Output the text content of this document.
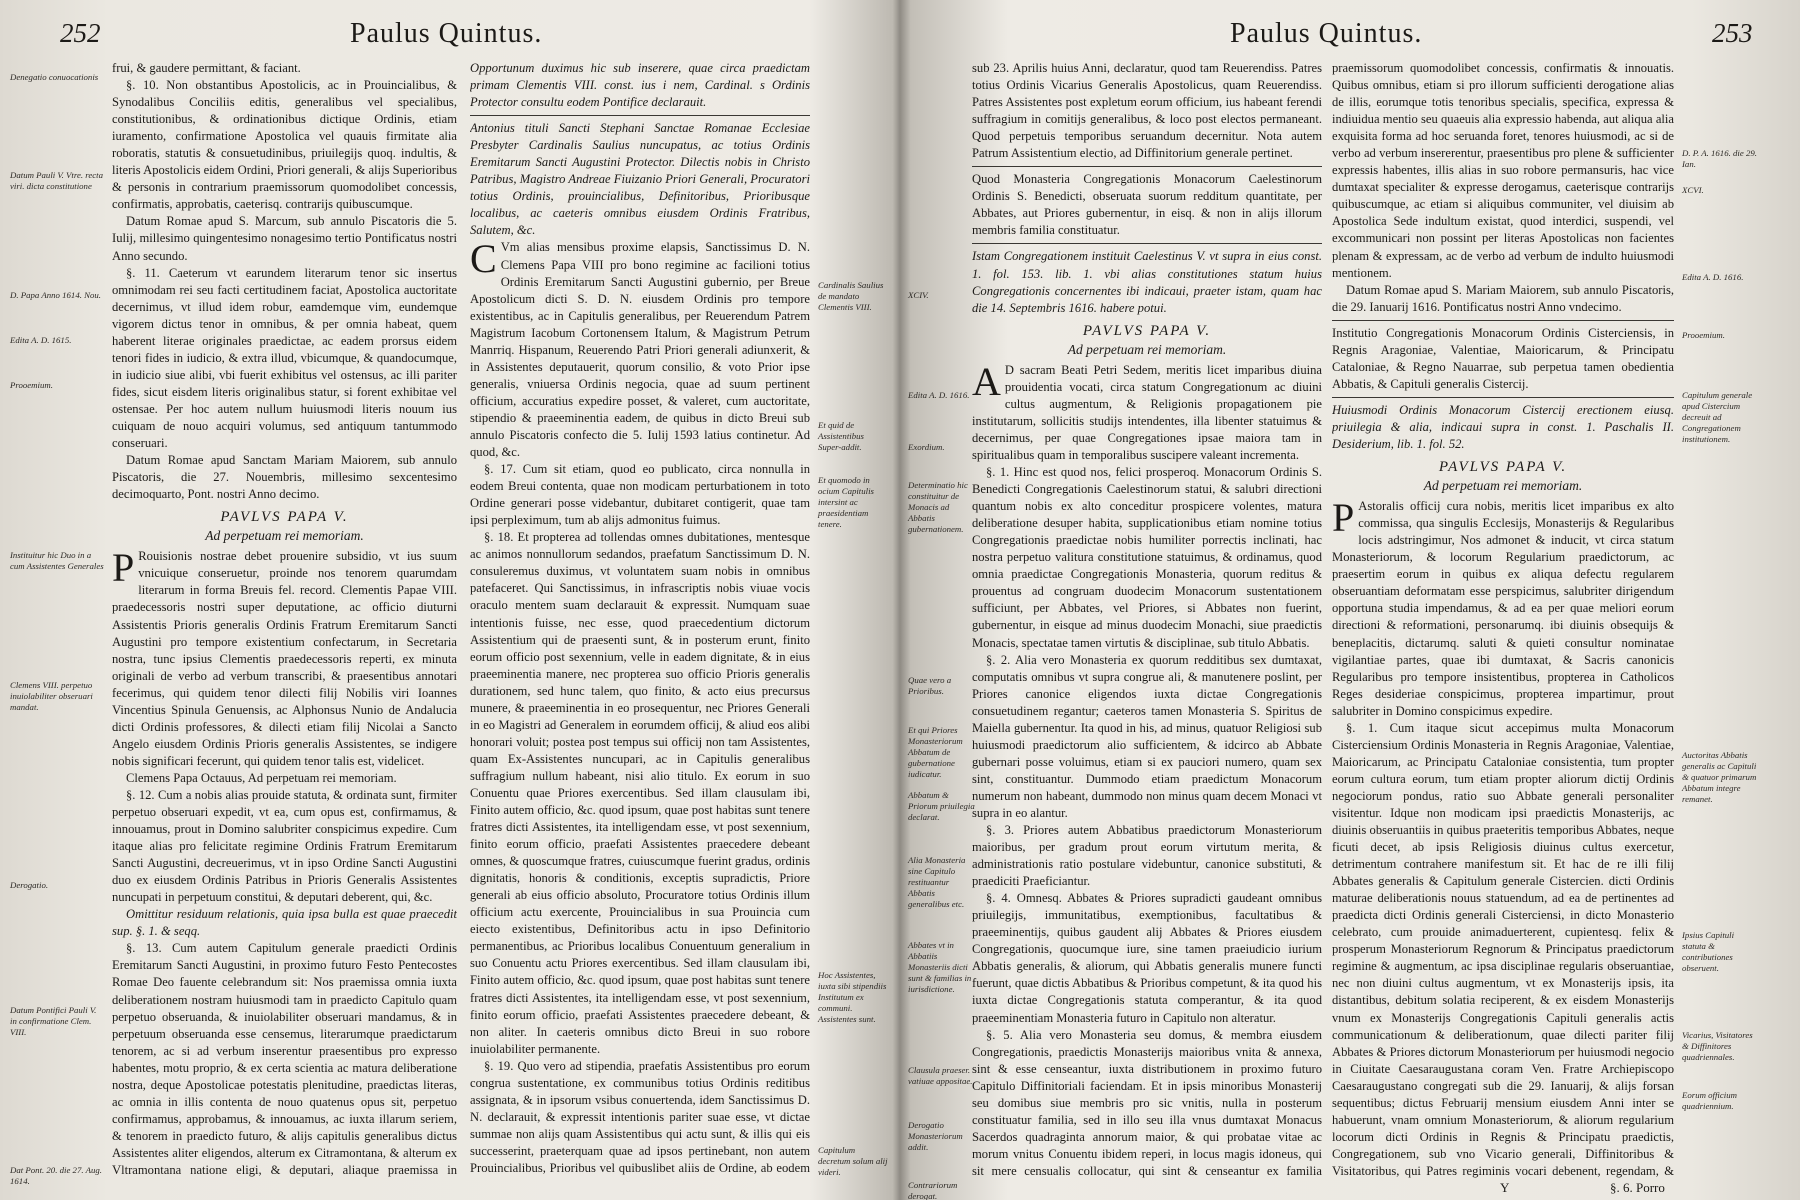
252	Paulus Quintus.
Denegatio conuocationis
Datum Pauli V. Vtre. recta viri. dicta constitutione
D. Papa Anno 1614. Nou.
Edita A. D. 1615.
Prooemium.
Instituitur hic Duo in a cum Assistentes Generales
Clemens VIII. perpetuo inuiolabiliter obseruari mandat.
Derogatio.
Datum Pontifici Pauli V. in confirmatione Clem. VIII.
Dat Pont. 20. die 27. Aug. 1614.

frui, & gaudere permittant, & faciant.

§. 10. Non obstantibus Apostolicis, ac in Prouincialibus, & Synodalibus Conciliis editis, generalibus vel specialibus, constitutionibus, & ordinationibus dictique Ordinis, etiam iuramento, confirmatione Apostolica vel quauis firmitate alia roboratis, statutis & consuetudinibus, priuilegijs quoq. indultis, & literis Apostolicis eidem Ordini, Priori generali, & alijs Superioribus & personis in contrarium praemissorum quomodolibet concessis, confirmatis, approbatis, caeterisq. contrarijs quibuscumque.

Datum Romae apud S. Marcum, sub annulo Piscatoris die 5. Iulij, millesimo quingentesimo nonagesimo tertio Pontificatus nostri Anno secundo.

§. 11. Caeterum vt earundem literarum tenor sic insertus omnimodam rei seu facti certitudinem faciat, Apostolica auctoritate decernimus, vt illud idem robur, eamdemque vim, eundemque vigorem dictus tenor in omnibus, & per omnia habeat, quem haberent literae originales praedictae, ac eadem prorsus eidem tenori fides in iudicio, & extra illud, vbicumque, & quandocumque, in iudicio siue alibi, vbi fuerit exhibitus vel ostensus, ac illi pariter fides, sicut eisdem literis originalibus statur, si forent exhibitae vel ostensae. Per hoc autem nullum huiusmodi literis nouum ius cuiquam de nouo acquiri volumus, sed antiquum tantummodo conseruari.

Datum Romae apud Sanctam Mariam Maiorem, sub annulo Piscatoris, die 27. Nouembris, millesimo sexcentesimo decimoquarto, Pont. nostri Anno decimo.

PAVLVS PAPA V.
Ad perpetuam rei memoriam.

P Rouisionis nostrae debet prouenire subsidio, vt ius suum vnicuique conseruetur, proinde nos tenorem quarumdam literarum in forma Breuis fel. record. Clementis Papae VIII. praedecessoris nostri super deputatione, ac officio diuturni Assistentis Prioris generalis Ordinis Fratrum Eremitarum Sancti Augustini pro tempore existentium confectarum, in Secretaria nostra, tunc ipsius Clementis praedecessoris reperti, ex minuta originali de verbo ad verbum transcribi, & praesentibus annotari fecerimus, qui quidem tenor dilecti filij Nobilis viri Ioannes Vincentius Spinula Genuensis, ac Alphonsus Nunio de Andalucia dicti Ordinis professores, & dilecti etiam filij Nicolai a Sancto Angelo eiusdem Ordinis Prioris generalis Assistentes, se indigere nobis significari fecerunt, qui quidem tenor talis est, videlicet.

Clemens Papa Octauus, Ad perpetuam rei memoriam.

§. 12. Cum a nobis alias prouide statuta, & ordinata sunt, firmiter perpetuo obseruari expedit, vt ea, cum opus est, confirmamus, & innouamus, prout in Domino salubriter conspicimus expedire. Cum itaque alias pro felicitate regimine Ordinis Fratrum Eremitarum Sancti Augustini, decreuerimus, vt in ipso Ordine Sancti Augustini duo ex eiusdem Ordinis Patribus in Prioris Generalis Assistentes nuncupati in perpetuum constitui, & deputari deberent, qui, &c.

Omittitur residuum relationis, quia ipsa bulla est quae praecedit sup. §. 1. & seqq.

§. 13. Cum autem Capitulum generale praedicti Ordinis Eremitarum Sancti Augustini, in proximo futuro Festo Pentecostes Romae Deo fauente celebrandum sit: Nos praemissa omnia iuxta deliberationem nostram huiusmodi tam in praedicto Capitulo quam perpetuo obseruanda, & inuiolabiliter obseruari mandamus, & in perpetuum obseruanda esse censemus, literarumque praedictarum tenorem, ac si ad verbum inserentur praesentibus pro expresso habentes, motu proprio, & ex certa scientia ac matura deliberatione nostra, deque Apostolicae potestatis plenitudine, praedictas literas, ac omnia in illis contenta de nouo quatenus opus sit, perpetuo confirmamus, approbamus, & innouamus, ac iuxta illarum seriem, & tenorem in praedicto futuro, & alijs capitulis generalibus dictus Assistentes aliter eligendos, alterum ex Citramontana, & alterum ex Vltramontana natione eligi, & deputari, aliaque praemissa in

Opportunum duximus hic sub inserere, quae circa praedictam primam Clementis VIII. const. ius i nem, Cardinal. s Ordinis Protector consultu eodem Pontifice declarauit.

Antonius tituli Sancti Stephani Sanctae Romanae Ecclesiae Presbyter Cardinalis Saulius nuncupatus, ac totius Ordinis Eremitarum Sancti Augustini Protector. Dilectis nobis in Christo Patribus, Magistro Andreae Fiuizanio Priori Generali, Procuratori totius Ordinis, prouincialibus, Definitoribus, Prioribusque localibus, ac caeteris omnibus eiusdem Ordinis Fratribus, Salutem, &c.

C Vm alias mensibus proxime elapsis, Sanctissimus D. N. Clemens Papa VIII pro bono regimine ac facilioni totius Ordinis Eremitarum Sancti Augustini gubernio, per Breue Apostolicum dicti S. D. N. eiusdem Ordinis pro tempore existentibus, ac in Capitulis generalibus, per Reuerendum Patrem Magistrum Iacobum Cortonensem Italum, & Magistrum Petrum Manrriq. Hispanum, Reuerendo Patri Priori generali adiunxerit, & in Assistentes deputauerit, quorum consilio, & voto Prior ipse generalis, vniuersa Ordinis negocia, quae ad suum pertinent officium, accuratius expedire posset, & valeret, cum auctoritate, stipendio & praeeminentia eadem, de quibus in dicto Breui sub annulo Piscatoris confecto die 5. Iulij 1593 latius continetur. Ad quod, &c.

§. 17. Cum sit etiam, quod eo publicato, circa nonnulla in eodem Breui contenta, quae non modicam perturbationem in toto Ordine generari posse videbantur, dubitaret contigerit, quae tam ipsi perpleximum, tum ab alijs admonitus fuimus.

§. 18. Et propterea ad tollendas omnes dubitationes, mentesque ac animos nonnullorum sedandos, praefatum Sanctissimum D. N. consuleremus duximus, vt voluntatem suam nobis in omnibus patefaceret. Qui Sanctissimus, in infrascriptis nobis viuae vocis oraculo mentem suam declarauit & expressit. Numquam suae intentionis fuisse, nec esse, quod praecedentium dictorum Assistentium qui de praesenti sunt, & in posterum erunt, finito eorum officio post sexennium, velle in eadem dignitate, & in eius praeeminentia manere, nec propterea suo officio Prioris generalis durationem, sed hunc talem, quo finito, & acto eius precursus munere, & praeeminentia in eo prosequentur, nec Priores Generali in eo Magistri ad Generalem in eorumdem officij, & aliud eos alibi honorari voluit; postea post tempus sui officij non tam Assistentes, quam Ex-Assistentes nuncupari, ac in Capitulis generalibus suffragium nullum habeant, nisi alio titulo. Ex eorum in suo Conuentu quae Priores exercentibus. Sed illam clausulam ibi, Finito autem officio, &c. quod ipsum, quae post habitas sunt tenere fratres dicti Assistentes, ita intelligendam esse, vt post sexennium, finito eorum officio, praefati Assistentes praecedere debeant omnes, & quoscumque fratres, cuiuscumque fuerint gradus, ordinis dignitatis, honoris & conditionis, exceptis supradictis, Priore generali ab eius officio absoluto, Procuratore totius Ordinis illum officium actu exercente, Prouincialibus in sua Prouincia cum eiecto existentibus, Definitoribus actu in ipso Definitorio permanentibus, ac Prioribus localibus Conuentuum generalium in suo Conuentu actu Priores exercentibus. Sed illam clausulam ibi, Finito autem officio, &c. quod ipsum, quae post habitas sunt tenere fratres dicti Assistentes, ita intelligendam esse, vt post sexennium, finito eorum officio, praefati Assistentes praecedere debeant, & non aliter. In caeteris omnibus dicto Breui in suo robore inuiolabiliter permanente.

§. 19. Quo vero ad stipendia, praefatis Assistentibus pro eorum congrua sustentatione, ex communibus totius Ordinis reditibus assignata, & in ipsorum vsibus conuertenda, idem Sanctissimus D. N. declarauit, & expressit intentionis pariter suae esse, vt dictae summae non alijs quam Assistentibus qui actu sunt, & illis qui eis successerint, praeterquam quae ad ipsos pertinebant, non autem Prouincialibus, Prioribus vel quibuslibet aliis de Ordine, ab eodem

Cardinalis Saulius de mandato Clementis VIII.
Et quid de Assistentibus Super-addit.
Et quomodo in ocium Capitulis intersint ac praesidentiam tenere.
Hoc Assistentes, iuxta sibi stipendiis Institutum ex communi. Assistentes sunt.
Capitulum decretum solum alij videri.
Paulus Quintus.	253
XCIV.
Edita A. D. 1616.
Exordium.
Determinatio hic constituitur de Monacis ad Abbatis gubernationem.
Quae vero a Prioribus.
Et qui Priores Monasteriorum Abbatum de gubernatione iudicatur.
Abbatum & Priorum priuilegia declarat.
Alia Monasteria sine Capitulo restituantur Abbatis generalibus etc.
Abbates vt in Abbatiis Monasteriis dicti sunt & familias in iurisdictione.
Clausula praeser. vatiuae appositae.
Derogatio Monasteriorum addit.
Contrariorum derogat.

sub 23. Aprilis huius Anni, declaratur, quod tam Reuerendiss. Patres totius Ordinis Vicarius Generalis Apostolicus, quam Reuerendiss. Patres Assistentes post expletum eorum officium, ius habeant ferendi suffragium in comitijs generalibus, & loco post electos permaneant. Quod perpetuis temporibus seruandum decernitur. Nota autem Patrum Assistentium electio, ad Diffinitorium generale pertinet.

Quod Monasteria Congregationis Monacorum Caelestinorum Ordinis S. Benedicti, obseruata suorum redditum quantitate, per Abbates, aut Priores gubernentur, in eisq. & non in alijs illorum membris familia constituatur.

Istam Congregationem instituit Caelestinus V. vt supra in eius const. 1. fol. 153. lib. 1. vbi alias constitutiones statum huius Congregationis concernentes ibi indicaui, praeter istam, quam hac die 14. Septembris 1616. habere potui.

PAVLVS PAPA V.
Ad perpetuam rei memoriam.

A D sacram Beati Petri Sedem, meritis licet imparibus diuina prouidentia vocati, circa statum Congregationum ac diuini cultus augmentum, & Religionis propagationem pie institutarum, sollicitis studijs intendentes, illa libenter statuimus & decernimus, per quae Congregationes ipsae maiora tam in spiritualibus quam in temporalibus suscipere valeant incrementa.

§. 1. Hinc est quod nos, felici prosperoq. Monacorum Ordinis S. Benedicti Congregationis Caelestinorum statui, & salubri directioni quantum nobis ex alto conceditur prospicere volentes, matura deliberatione desuper habita, supplicationibus etiam nomine totius Congregationis praedictae nobis humiliter porrectis inclinati, hac nostra perpetuo valitura constitutione statuimus, & ordinamus, quod omnia praedictae Congregationis Monasteria, quorum reditus & prouentus ad congruam duodecim Monacorum sustentationem sufficiunt, per Abbates, vel Priores, si Abbates non fuerint, gubernentur, in eisque ad minus duodecim Monachi, siue praedictis Monacis, spectatae tamen virtutis & disciplinae, sub titulo Abbatis.

§. 2. Alia vero Monasteria ex quorum redditibus sex dumtaxat, computatis omnibus vt supra congrue ali, & manutenere poslint, per Priores canonice eligendos iuxta dictae Congregationis consuetudinem regantur; caeteros tamen Monasteria S. Spiritus de Maiella gubernentur. Ita quod in his, ad minus, quatuor Religiosi sub huiusmodi praedictorum alio sufficientem, & idcirco ab Abbate gubernari posse voluimus, etiam si ex pauciori numero, quam sex sint, constituantur. Dummodo etiam praedictum Monacorum numerum non habeant, dummodo non minus quam decem Monaci vt supra in eo alantur.

§. 3. Priores autem Abbatibus praedictorum Monasteriorum maioribus, per gradum prout eorum virtutum merita, & administrationis ratio postulare videbuntur, canonice substituti, & praediciti Praeficiantur.

§. 4. Omnesq. Abbates & Priores supradicti gaudeant omnibus priuilegijs, immunitatibus, exemptionibus, facultatibus & praeeminentijs, quibus gaudent alij Abbates & Priores eiusdem Congregationis, quocumque iure, sine tamen praeiudicio iurium Abbatis generalis, & aliorum, qui Abbatis generalis munere functi fuerunt, quae dictis Abbatibus & Prioribus competunt, & ita quod his iuxta dictae Congregationis statuta comperantur, & ita quod praeeminentiam Monasteria futuro in Capitulo non alteratur.

§. 5. Alia vero Monasteria seu domus, & membra eiusdem Congregationis, praedictis Monasterijs maioribus vnita & annexa, sint & esse censeantur, iuxta distributionem in proximo futuro Capitulo Diffinitoriali faciendam. Et in ipsis minoribus Monasterij seu domibus siue membris pro sic vnitis, nulla in posterum constituatur familia, sed in illo seu illa vnus dumtaxat Monacus Sacerdos quadraginta annorum maior, & qui probatae vitae ac morum vnitus Conuentu ibidem reperi, in locus magis idoneus, qui sit mere censualis collocatur, qui sint & censeantur ex familia

praemissorum quomodolibet concessis, confirmatis & innouatis. Quibus omnibus, etiam si pro illorum sufficienti derogatione alias de illis, eorumque totis tenoribus specialis, specifica, expressa & indiuidua mentio seu quaeuis alia expressio habenda, aut aliqua alia exquisita forma ad hoc seruanda foret, tenores huiusmodi, ac si de verbo ad verbum insererentur, praesentibus pro plene & sufficienter expressis habentes, illis alias in suo robore permansuris, hac vice dumtaxat specialiter & expresse derogamus, caeterisque contrarijs quibuscumque, ac etiam si aliquibus communiter, vel diuisim ab Apostolica Sede indultum existat, quod interdici, suspendi, vel excommunicari non possint per literas Apostolicas non facientes plenam & expressam, ac de verbo ad verbum de indulto huiusmodi mentionem.

Datum Romae apud S. Mariam Maiorem, sub annulo Piscatoris, die 29. Ianuarij 1616. Pontificatus nostri Anno vndecimo.

Institutio Congregationis Monacorum Ordinis Cisterciensis, in Regnis Aragoniae, Valentiae, Maioricarum, & Principatu Cataloniae, & Regno Nauarrae, sub perpetua tamen obedientia Abbatis, & Capituli generalis Cistercij.

Huiusmodi Ordinis Monacorum Cistercij erectionem eiusq. priuilegia & alia, indicaui supra in const. 1. Paschalis II. Desiderium, lib. 1. fol. 52.

PAVLVS PAPA V.
Ad perpetuam rei memoriam.

P Astoralis officij cura nobis, meritis licet imparibus ex alto commissa, qua singulis Ecclesijs, Monasterijs & Regularibus locis adstringimur, Nos admonet & inducit, vt circa statum Monasteriorum, & locorum Regularium praedictorum, ac praesertim eorum in quibus ex aliqua defectu regularem obseruantiam deformatam esse perspicimus, salubriter dirigendum opportuna studia impendamus, & ad ea per quae meliori eorum directioni & reformationi, personarumq. ibi diuinis obsequijs & beneplacitis, dictarumq. saluti & quieti consultur nominatae vigilantiae partes, quae ibi dumtaxat, & Sacris canonicis Regularibus pro tempore insistentibus, propterea in Catholicos Reges desideriae conspicimus, propterea impartimur, prout salubriter in Domino conspicimus expedire.

§. 1. Cum itaque sicut accepimus multa Monacorum Cisterciensium Ordinis Monasteria in Regnis Aragoniae, Valentiae, Maioricarum, ac Principatu Cataloniae consistentia, tum propter eorum cultura eorum, tum etiam propter aliorum dictij Ordinis negociorum pondus, ratio suo Abbate generali personaliter visitentur. Idque non modicam ipsi praedictis Monasterijs, ac diuinis obseruantiis in quibus praeteritis temporibus Abbates, neque ficuti decet, ab ipsis Religiosis diuinus cultus exercetur, detrimentum contrahere manifestum sit. Et hac de re illi filij Abbates generalis & Capitulum generale Cistercien. dicti Ordinis maturae deliberationis nouus statuendum, ad ea de pertinentes ad praedicta dicti Ordinis generali Cisterciensi, in dicto Monasterio celebrato, cum prouide animaduerterent, cupientesq. felix & prosperum Monasteriorum Regnorum & Principatus praedictorum regimine & augmentum, ac ipsa disciplinae regularis obseruantiae, nec non diuini cultus augmentum, vt ex Monasterijs ipsis, ita distantibus, debitum solatia reciperent, & ex eisdem Monasterijs vnum ex Monasterijs Congregationis Capituli generalis actis communicationum & deliberationum, quae dilecti pariter filij Abbates & Priores dictorum Monasteriorum per huiusmodi negocio in Ciuitate Caesaraugustana coram Ven. Fratre Archiepiscopo Caesaraugustano congregati sub die 29. Ianuarij, & alijs forsan sequentibus; dictus Februarij mensium eiusdem Anni inter se habuerunt, vnam omnium Monasteriorum, & aliorum regularium locorum dicti Ordinis in Regnis & Principatu praedictis, Congregationem, sub vno Vicario generali, Diffinitoribus & Visitatoribus, qui Patres regiminis vocari debenent, regendam, &

D. P. A. 1616. die 29. Ian.
XCVI.
Edita A. D. 1616.
Prooemium.
Capitulum generale apud Cistercium decreuit ad Congregationem institutionem.
Auctoritas Abbatis generalis ac Capituli & quatuor primarum Abbatum integre remanet.
Ipsius Capituli statuta & contributiones obseruent.
Vicarius, Visitatores & Diffinitores quadriennales.
Eorum officium quadriennium.
Y	§. 6. Porro
